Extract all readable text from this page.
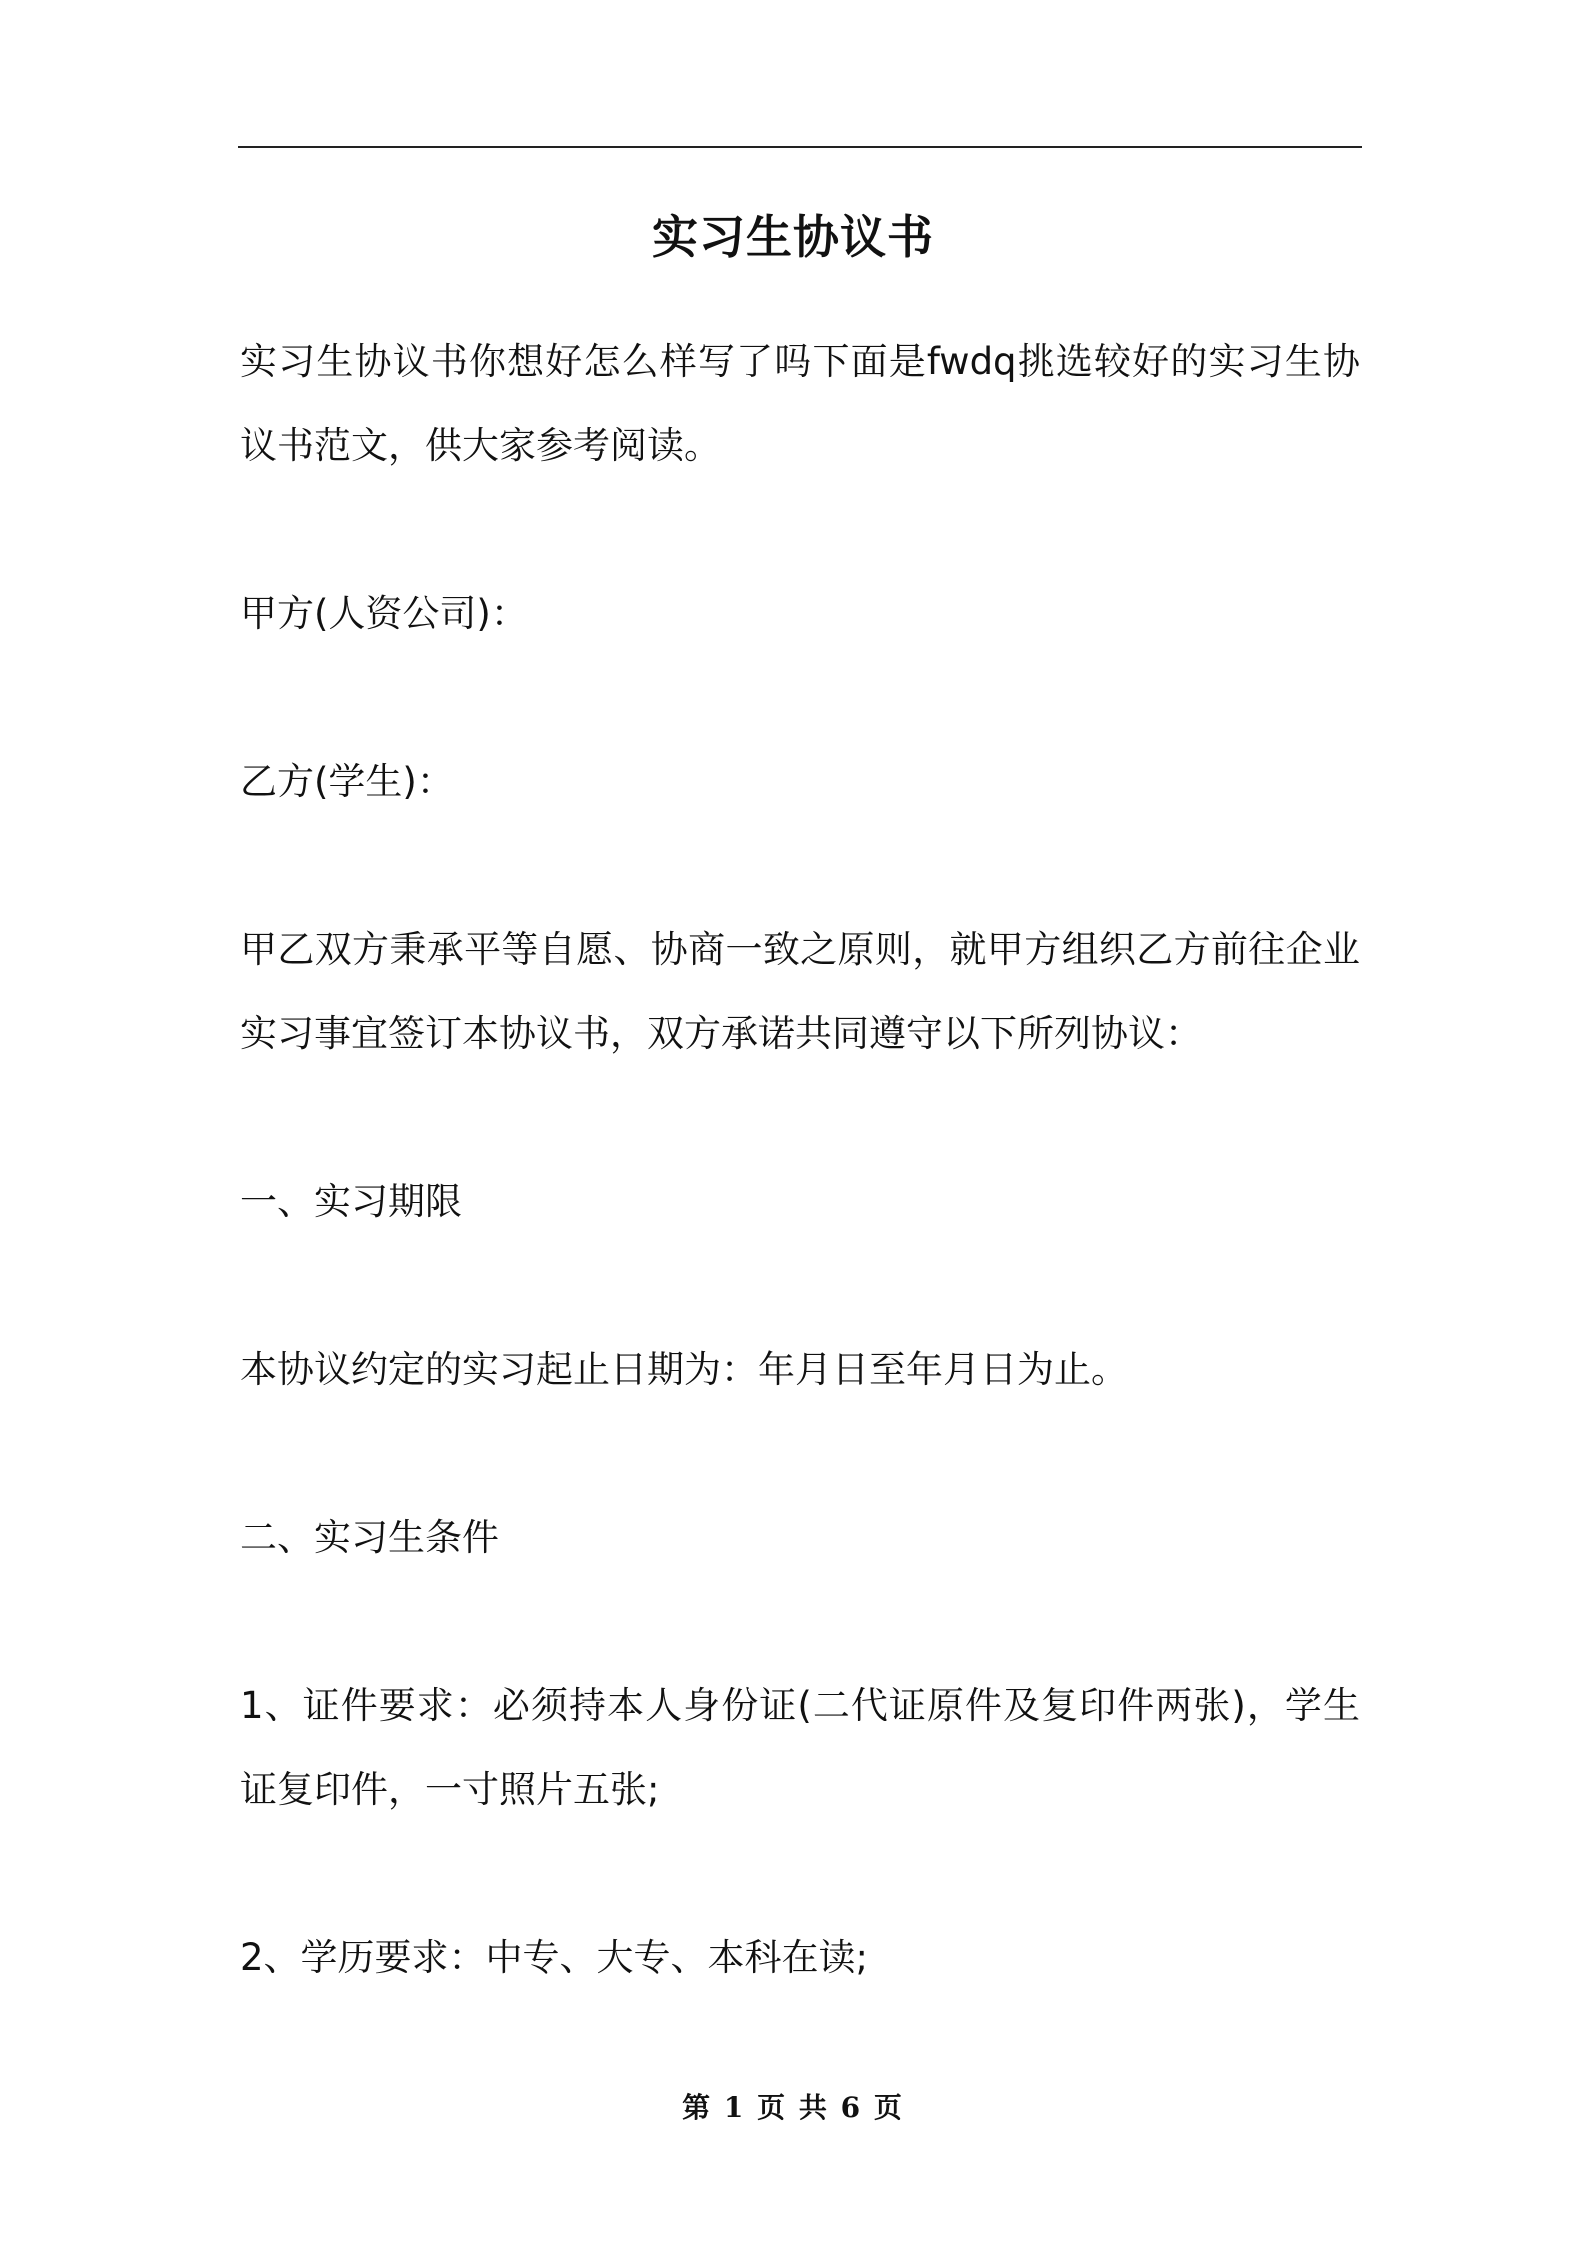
实习生协议书

实习生协议书你想好怎么样写了吗下面是fwdq挑选较好的实习生协议书范文，供大家参考阅读。

甲方(人资公司)：

乙方(学生)：

甲乙双方秉承平等自愿、协商一致之原则，就甲方组织乙方前往企业实习事宜签订本协议书，双方承诺共同遵守以下所列协议：

一、实习期限

本协议约定的实习起止日期为：年月日至年月日为止。

二、实习生条件

1、证件要求：必须持本人身份证(二代证原件及复印件两张)，学生证复印件，一寸照片五张;

2、学历要求：中专、大专、本科在读;

第 1 页 共 6 页
